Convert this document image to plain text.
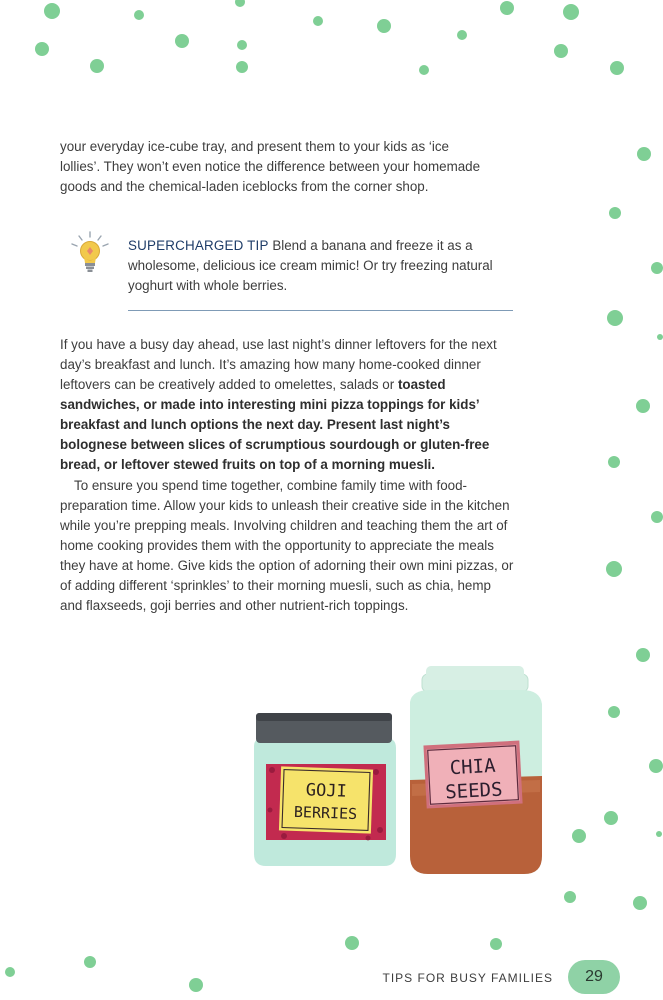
your everyday ice-cube tray, and present them to your kids as ‘ice lollies’. They won’t even notice the difference between your homemade goods and the chemical-laden iceblocks from the corner shop.

SUPERCHARGED TIP Blend a banana and freeze it as a wholesome, delicious ice cream mimic! Or try freezing natural yoghurt with whole berries.

If you have a busy day ahead, use last night’s dinner leftovers for the next day’s breakfast and lunch. It’s amazing how many home-cooked dinner leftovers can be creatively added to omelettes, salads or toasted sandwiches, or made into interesting mini pizza toppings for kids’ breakfast and lunch options the next day. Present last night’s bolognese between slices of scrumptious sourdough or gluten-free bread, or leftover stewed fruits on top of a morning muesli.

To ensure you spend time together, combine family time with food-preparation time. Allow your kids to unleash their creative side in the kitchen while you’re prepping meals. Involving children and teaching them the art of home cooking provides them with the opportunity to appreciate the meals they have at home. Give kids the option of adorning their own mini pizzas, or of adding different ‘sprinkles’ to their morning muesli, such as chia, hemp and flaxseeds, goji berries and other nutrient-rich toppings.

CHIA
SEEDS
GOJI
BERRIES
TIPS FOR BUSY FAMILIES	29
